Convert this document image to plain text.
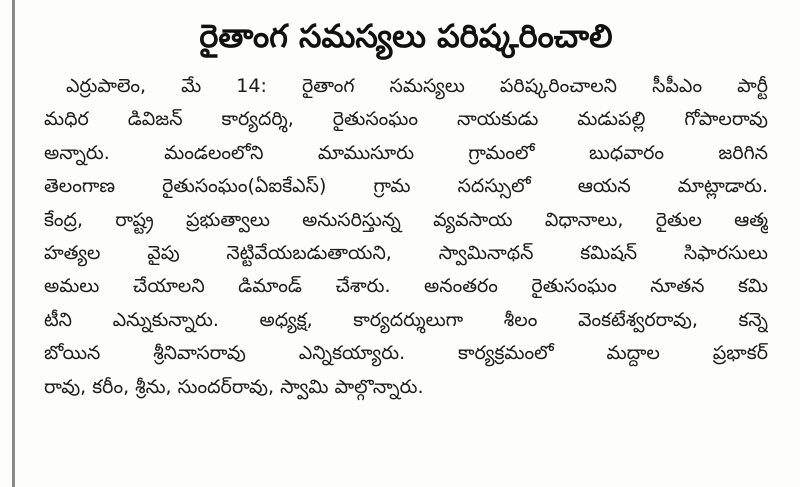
రైతాంగ సమస్యలు పరిష్కరించాలి
ఎర్రుపాలెం, మే 14: రైతాంగ సమస్యలు పరిష్కరించాలని సీపీఎం పార్టీ
మధిర డివిజన్ కార్యదర్శి, రైతుసంఘం నాయకుడు మడుపల్లి గోపాలరావు
అన్నారు. మండలంలోని మాముసూరు గ్రామంలో బుధవారం జరిగిన
తెలంగాణ రైతుసంఘం(ఏఐకేఎస్) గ్రామ సదస్సులో ఆయన మాట్లాడారు.
కేంద్ర, రాష్ట్ర ప్రభుత్వాలు అనుసరిస్తున్న వ్యవసాయ విధానాలు, రైతుల ఆత్మ
హత్యల వైపు నెట్టివేయబడుతాయని, స్వామినాథన్ కమిషన్ సిఫారసులు
అమలు చేయాలని డిమాండ్ చేశారు. అనంతరం రైతుసంఘం నూతన కమి
టీని ఎన్నుకున్నారు. అధ్యక్ష, కార్యదర్శులుగా శీలం వెంకటేశ్వరరావు, కన్నె
బోయిన శ్రీనివాసరావు ఎన్నికయ్యారు. కార్యక్రమంలో మద్దాల ప్రభాకర్
రావు, కరీం, శ్రీను, సుందర్‌రావు, స్వామి పాల్గొన్నారు.
